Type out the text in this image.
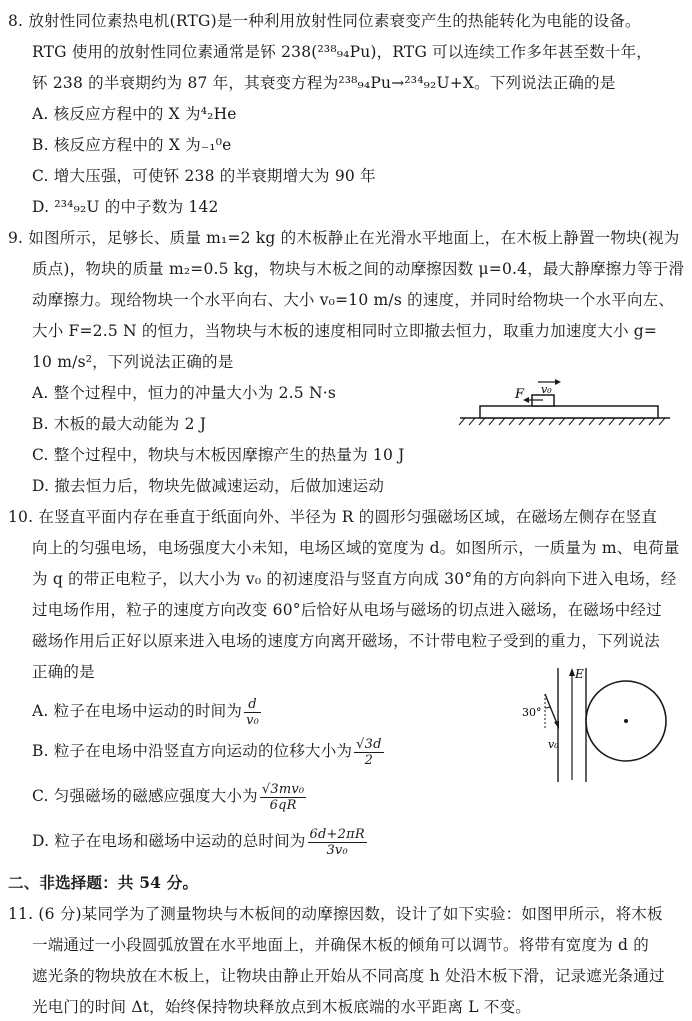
8. 放射性同位素热电机(RTG)是一种利用放射性同位素衰变产生的热能转化为电能的设备。
RTG 使用的放射性同位素通常是钚 238(²³⁸₉₄Pu)，RTG 可以连续工作多年甚至数十年，
钚 238 的半衰期约为 87 年，其衰变方程为²³⁸₉₄Pu→²³⁴₉₂U+X。下列说法正确的是
A. 核反应方程中的 X 为⁴₂He
B. 核反应方程中的 X 为₋₁⁰e
C. 增大压强，可使钚 238 的半衰期增大为 90 年
D. ²³⁴₉₂U 的中子数为 142
9. 如图所示，足够长、质量 m₁=2 kg 的木板静止在光滑水平地面上，在木板上静置一物块(视为
质点)，物块的质量 m₂=0.5 kg，物块与木板之间的动摩擦因数 μ=0.4，最大静摩擦力等于滑
动摩擦力。现给物块一个水平向右、大小 v₀=10 m/s 的速度，并同时给物块一个水平向左、
大小 F=2.5 N 的恒力，当物块与木板的速度相同时立即撤去恒力，取重力加速度大小 g=
10 m/s²，下列说法正确的是
A. 整个过程中，恒力的冲量大小为 2.5 N·s
B. 木板的最大动能为 2 J
C. 整个过程中，物块与木板因摩擦产生的热量为 10 J
D. 撤去恒力后，物块先做减速运动，后做加速运动
F v₀
10. 在竖直平面内存在垂直于纸面向外、半径为 R 的圆形匀强磁场区域，在磁场左侧存在竖直
向上的匀强电场，电场强度大小未知，电场区域的宽度为 d。如图所示，一质量为 m、电荷量
为 q 的带正电粒子，以大小为 v₀ 的初速度沿与竖直方向成 30°角的方向斜向下进入电场，经
过电场作用，粒子的速度方向改变 60°后恰好从电场与磁场的切点进入磁场，在磁场中经过
磁场作用后正好以原来进入电场的速度方向离开磁场，不计带电粒子受到的重力，下列说法
正确的是
A. 粒子在电场中运动的时间为 $\frac{d}{\text{v₀}}$
B. 粒子在电场中沿竖直方向运动的位移大小为 $\frac{√3d}{2}$
C. 匀强磁场的磁感应强度大小为 $\frac{\text{√3mv₀}}{6qR}$
D. 粒子在电场和磁场中运动的总时间为 $\frac{6d+2\pi R}{\text{3v₀}}$
E
30°
v₀
二、非选择题：共 54 分。
11. (6 分)某同学为了测量物块与木板间的动摩擦因数，设计了如下实验：如图甲所示，将木板
一端通过一小段圆弧放置在水平地面上，并确保木板的倾角可以调节。将带有宽度为 d 的
遮光条的物块放在木板上，让物块由静止开始从不同高度 h 处沿木板下滑，记录遮光条通过
光电门的时间 Δt，始终保持物块释放点到木板底端的水平距离 L 不变。
